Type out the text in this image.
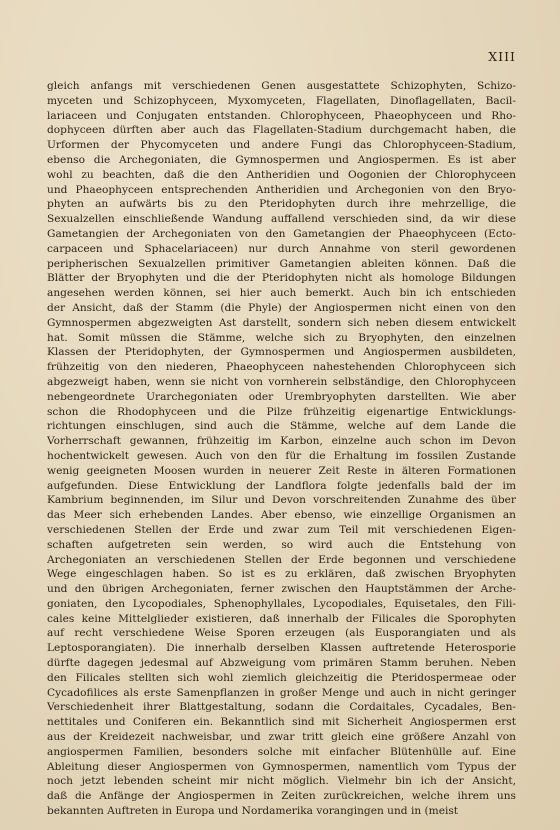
XIII
gleich anfangs mit verschiedenen Genen ausgestattete Schizophyten, Schizo-
myceten und Schizophyceen, Myxomyceten, Flagellaten, Dinoflagellaten, Bacil-
lariaceen und Conjugaten entstanden. Chlorophyceen, Phaeophyceen und Rho-
dophyceen dürften aber auch das Flagellaten-Stadium durchgemacht haben, die
Urformen der Phycomyceten und andere Fungi das Chlorophyceen-Stadium,
ebenso die Archegoniaten, die Gymnospermen und Angiospermen. Es ist aber
wohl zu beachten, daß die den Antheridien und Oogonien der Chlorophyceen
und Phaeophyceen entsprechenden Antheridien und Archegonien von den Bryo-
phyten an aufwärts bis zu den Pteridophyten durch ihre mehrzellige, die
Sexualzellen einschließende Wandung auffallend verschieden sind, da wir diese
Gametangien der Archegoniaten von den Gametangien der Phaeophyceen (Ecto-
carpaceen und Sphacelariaceen) nur durch Annahme von steril gewordenen
peripherischen Sexualzellen primitiver Gametangien ableiten können. Daß die
Blätter der Bryophyten und die der Pteridophyten nicht als homologe Bildungen
angesehen werden können, sei hier auch bemerkt. Auch bin ich entschieden
der Ansicht, daß der Stamm (die Phyle) der Angiospermen nicht einen von den
Gymnospermen abgezweigten Ast darstellt, sondern sich neben diesem entwickelt
hat. Somit müssen die Stämme, welche sich zu Bryophyten, den einzelnen
Klassen der Pteridophyten, der Gymnospermen und Angiospermen ausbildeten,
frühzeitig von den niederen, Phaeophyceen nahestehenden Chlorophyceen sich
abgezweigt haben, wenn sie nicht von vornherein selbständige, den Chlorophyceen
nebengeordnete Urarchegoniaten oder Urembryophyten darstellten. Wie aber
schon die Rhodophyceen und die Pilze frühzeitig eigenartige Entwicklungs-
richtungen einschlugen, sind auch die Stämme, welche auf dem Lande die
Vorherrschaft gewannen, frühzeitig im Karbon, einzelne auch schon im Devon
hochentwickelt gewesen. Auch von den für die Erhaltung im fossilen Zustande
wenig geeigneten Moosen wurden in neuerer Zeit Reste in älteren Formationen
aufgefunden. Diese Entwicklung der Landflora folgte jedenfalls bald der im
Kambrium beginnenden, im Silur und Devon vorschreitenden Zunahme des über
das Meer sich erhebenden Landes. Aber ebenso, wie einzellige Organismen an
verschiedenen Stellen der Erde und zwar zum Teil mit verschiedenen Eigen-
schaften aufgetreten sein werden, so wird auch die Entstehung von
Archegoniaten an verschiedenen Stellen der Erde begonnen und verschiedene
Wege eingeschlagen haben. So ist es zu erklären, daß zwischen Bryophyten
und den übrigen Archegoniaten, ferner zwischen den Hauptstämmen der Arche-
goniaten, den Lycopodiales, Sphenophyllales, Lycopodiales, Equisetales, den Fili-
cales keine Mittelglieder existieren, daß innerhalb der Filicales die Sporophyten
auf recht verschiedene Weise Sporen erzeugen (als Eusporangiaten und als
Leptosporangiaten). Die innerhalb derselben Klassen auftretende Heterosporie
dürfte dagegen jedesmal auf Abzweigung vom primären Stamm beruhen. Neben
den Filicales stellten sich wohl ziemlich gleichzeitig die Pteridospermeae oder
Cycadofilices als erste Samenpflanzen in großer Menge und auch in nicht geringer
Verschiedenheit ihrer Blattgestaltung, sodann die Cordaitales, Cycadales, Ben-
nettitales und Coniferen ein. Bekanntlich sind mit Sicherheit Angiospermen erst
aus der Kreidezeit nachweisbar, und zwar tritt gleich eine größere Anzahl von
angiospermen Familien, besonders solche mit einfacher Blütenhülle auf. Eine
Ableitung dieser Angiospermen von Gymnospermen, namentlich vom Typus der
noch jetzt lebenden scheint mir nicht möglich. Vielmehr bin ich der Ansicht,
daß die Anfänge der Angiospermen in Zeiten zurückreichen, welche ihrem uns
bekannten Auftreten in Europa und Nordamerika vorangingen und in (meist
